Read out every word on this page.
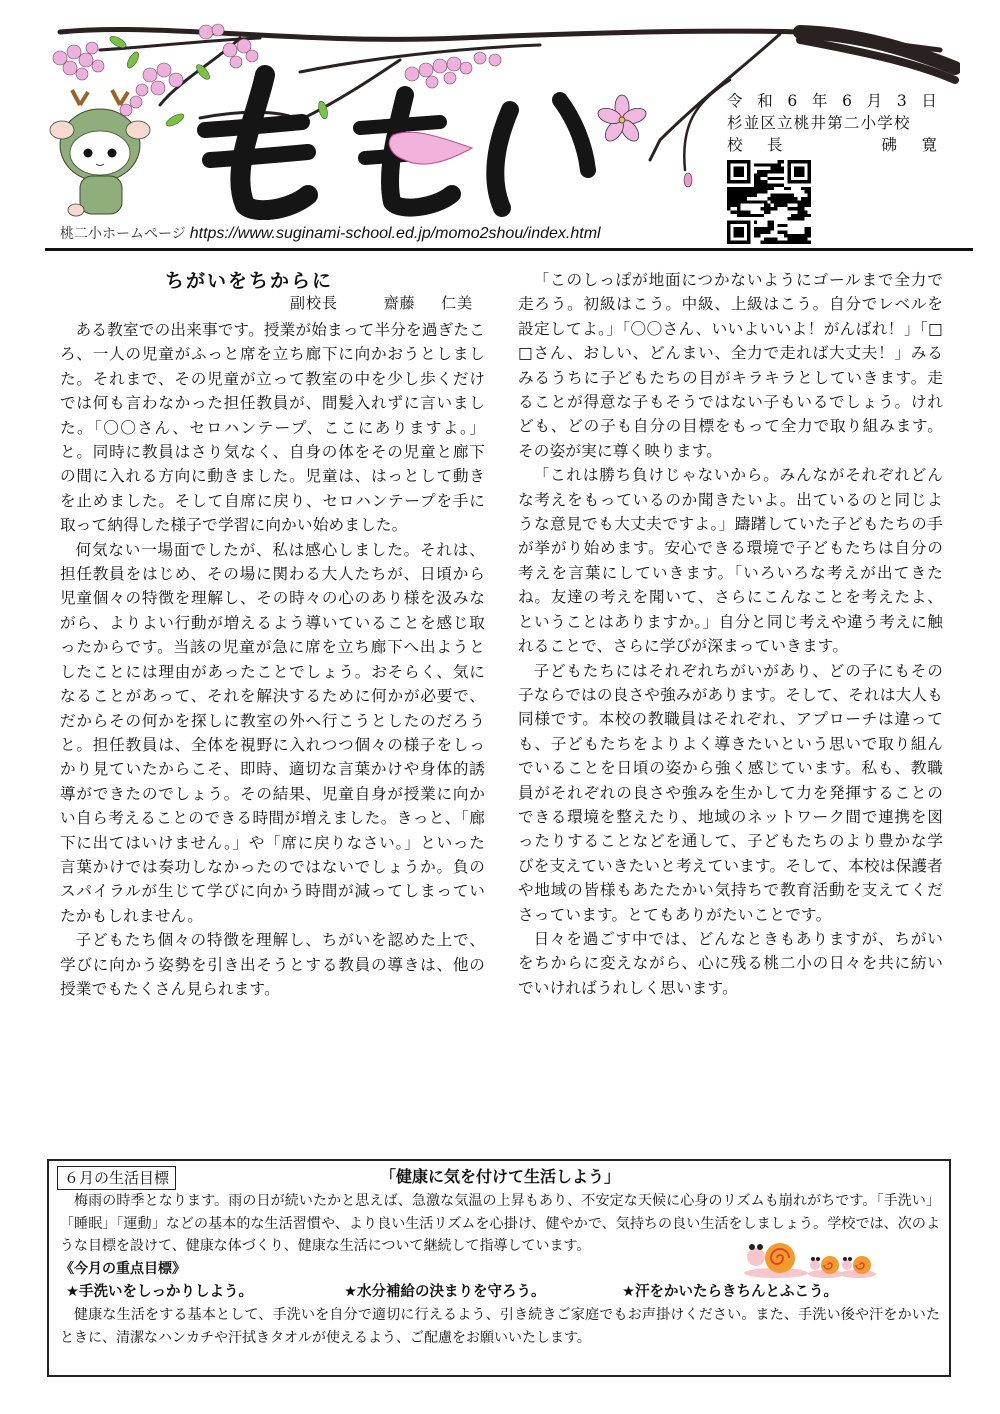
令 和 6 年 6 月 3 日
杉並区立桃井第二小学校
校 長	砩 寛
桃二小ホームページ https://www.suginami-school.ed.jp/momo2shou/index.html
ちがいをちからに
副校長	齋藤 仁美

ある教室での出来事です。授業が始まって半分を過ぎたころ、一人の児童がふっと席を立ち廊下に向かおうとしました。それまで、その児童が立って教室の中を少し歩くだけでは何も言わなかった担任教員が、間髪入れずに言いました。「〇〇さん、セロハンテープ、ここにありますよ。」と。同時に教員はさり気なく、自身の体をその児童と廊下の間に入れる方向に動きました。児童は、はっとして動きを止めました。そして自席に戻り、セロハンテープを手に取って納得した様子で学習に向かい始めました。

何気ない一場面でしたが、私は感心しました。それは、担任教員をはじめ、その場に関わる大人たちが、日頃から児童個々の特徴を理解し、その時々の心のあり様を汲みながら、よりよい行動が増えるよう導いていることを感じ取ったからです。当該の児童が急に席を立ち廊下へ出ようとしたことには理由があったことでしょう。おそらく、気になることがあって、それを解決するために何かが必要で、だからその何かを探しに教室の外へ行こうとしたのだろうと。担任教員は、全体を視野に入れつつ個々の様子をしっかり見ていたからこそ、即時、適切な言葉かけや身体的誘導ができたのでしょう。その結果、児童自身が授業に向かい自ら考えることのできる時間が増えました。きっと、「廊下に出てはいけません。」や「席に戻りなさい。」といった言葉かけでは奏功しなかったのではないでしょうか。負のスパイラルが生じて学びに向かう時間が減ってしまっていたかもしれません。

子どもたち個々の特徴を理解し、ちがいを認めた上で、学びに向かう姿勢を引き出そうとする教員の導きは、他の授業でもたくさん見られます。

「このしっぽが地面につかないようにゴールまで全力で走ろう。初級はこう。中級、上級はこう。自分でレベルを設定してよ。」「〇〇さん、いいよいいよ！がんばれ！」「□□さん、おしい、どんまい、全力で走れば大丈夫！」みるみるうちに子どもたちの目がキラキラとしていきます。走ることが得意な子もそうではない子もいるでしょう。けれども、どの子も自分の目標をもって全力で取り組みます。その姿が実に尊く映ります。

「これは勝ち負けじゃないから。みんながそれぞれどんな考えをもっているのか聞きたいよ。出ているのと同じような意見でも大丈夫ですよ。」躊躇していた子どもたちの手が挙がり始めます。安心できる環境で子どもたちは自分の考えを言葉にしていきます。「いろいろな考えが出てきたね。友達の考えを聞いて、さらにこんなことを考えたよ、ということはありますか。」自分と同じ考えや違う考えに触れることで、さらに学びが深まっていきます。

子どもたちにはそれぞれちがいがあり、どの子にもその子ならではの良さや強みがあります。そして、それは大人も同様です。本校の教職員はそれぞれ、アプローチは違っても、子どもたちをよりよく導きたいという思いで取り組んでいることを日頃の姿から強く感じています。私も、教職員がそれぞれの良さや強みを生かして力を発揮することのできる環境を整えたり、地域のネットワーク間で連携を図ったりすることなどを通して、子どもたちのより豊かな学びを支えていきたいと考えています。そして、本校は保護者や地域の皆様もあたたかい気持ちで教育活動を支えてくださっています。とてもありがたいことです。

日々を過ごす中では、どんなときもありますが、ちがいをちからに変えながら、心に残る桃二小の日々を共に紡いでいければうれしく思います。

６月の生活目標	「健康に気を付けて生活しよう」

梅雨の時季となります。雨の日が続いたかと思えば、急激な気温の上昇もあり、不安定な天候に心身のリズムも崩れがちです。「手洗い」「睡眠」「運動」などの基本的な生活習慣や、より良い生活リズムを心掛け、健やかで、気持ちの良い生活をしましょう。学校では、次のような目標を設けて、健康な体づくり、健康な生活について継続して指導しています。

《今月の重点目標》
★手洗いをしっかりしよう。	★水分補給の決まりを守ろう。	★汗をかいたらきちんとふこう。

健康な生活をする基本として、手洗いを自分で適切に行えるよう、引き続きご家庭でもお声掛けください。また、手洗い後や汗をかいたときに、清潔なハンカチや汗拭きタオルが使えるよう、ご配慮をお願いいたします。
